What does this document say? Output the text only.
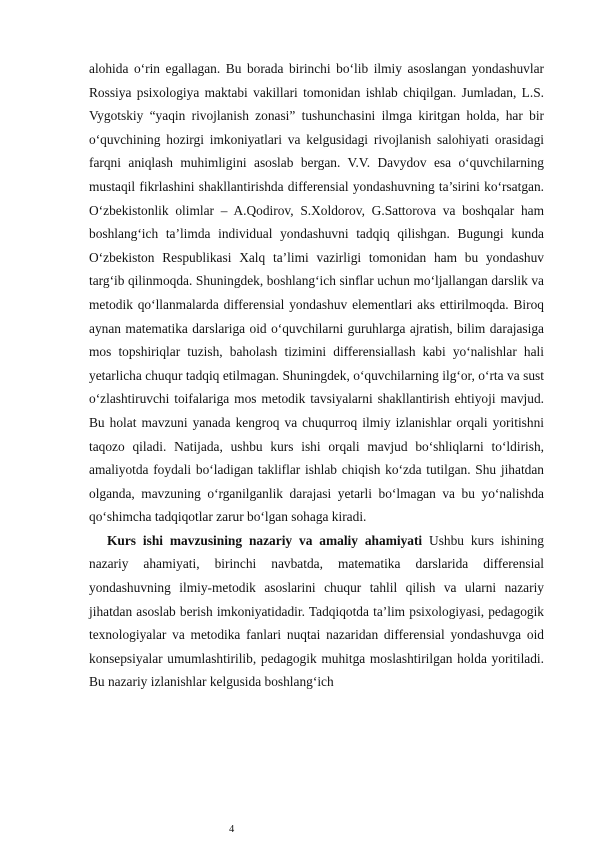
alohida o‘rin egallagan. Bu borada birinchi bo‘lib ilmiy asoslangan yondashuvlar Rossiya psixologiya maktabi vakillari tomonidan ishlab chiqilgan. Jumladan, L.S. Vygotskiy “yaqin rivojlanish zonasi” tushunchasini ilmga kiritgan holda, har bir o‘quvchining hozirgi imkoniyatlari va kelgusidagi rivojlanish salohiyati orasidagi farqni aniqlash muhimligini asoslab bergan. V.V. Davydov esa o‘quvchilarning mustaqil fikrlashini shakllantirishda differensial yondashuvning ta’sirini ko‘rsatgan. O‘zbekistonlik olimlar – A.Qodirov, S.Xoldorov, G.Sattorova va boshqalar ham boshlang‘ich ta’limda individual yondashuvni tadqiq qilishgan. Bugungi kunda O‘zbekiston Respublikasi Xalq ta’limi vazirligi tomonidan ham bu yondashuv targ‘ib qilinmoqda. Shuningdek, boshlang‘ich sinflar uchun mo‘ljallangan darslik va metodik qo‘llanmalarda differensial yondashuv elementlari aks ettirilmoqda. Biroq aynan matematika darslariga oid o‘quvchilarni guruhlarga ajratish, bilim darajasiga mos topshiriqlar tuzish, baholash tizimini differensiallash kabi yo‘nalishlar hali yetarlicha chuqur tadqiq etilmagan. Shuningdek, o‘quvchilarning ilg‘or, o‘rta va sust o‘zlashtiruvchi toifalariga mos metodik tavsiyalarni shakllantirish ehtiyoji mavjud. Bu holat mavzuni yanada kengroq va chuqurroq ilmiy izlanishlar orqali yoritishni taqozo qiladi. Natijada, ushbu kurs ishi orqali mavjud bo‘shliqlarni to‘ldirish, amaliyotda foydali bo‘ladigan takliflar ishlab chiqish ko‘zda tutilgan. Shu jihatdan olganda, mavzuning o‘rganilganlik darajasi yetarli bo‘lmagan va bu yo‘nalishda qo‘shimcha tadqiqotlar zarur bo‘lgan sohaga kiradi.

Kurs ishi mavzusining nazariy va amaliy ahamiyati Ushbu kurs ishining nazariy ahamiyati, birinchi navbatda, matematika darslarida differensial yondashuvning ilmiy-metodik asoslarini chuqur tahlil qilish va ularni nazariy jihatdan asoslab berish imkoniyatidadir. Tadqiqotda ta’lim psixologiyasi, pedagogik texnologiyalar va metodika fanlari nuqtai nazaridan differensial yondashuvga oid konsepsiyalar umumlashtirilib, pedagogik muhitga moslashtirilgan holda yoritiladi. Bu nazariy izlanishlar kelgusida boshlang‘ich

4
